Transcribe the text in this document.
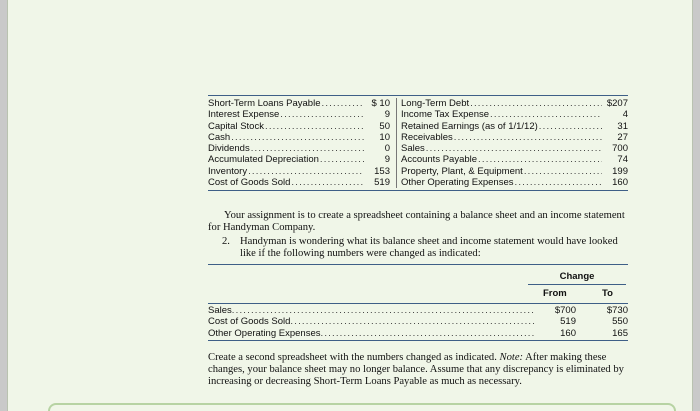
Short-Term Loans Payable .....	$ 10
Interest Expense .....	9
Capital Stock .....	50
Cash .....	10
Dividends .....	0
Accumulated Depreciation .....	9
Inventory .....	153
Cost of Goods Sold .....	519
Long-Term Debt .....	$207
Income Tax Expense .....	4
Retained Earnings (as of 1/1/12) .....	31
Receivables .....	27
Sales .....	700
Accounts Payable .....	74
Property, Plant, & Equipment .....	199
Other Operating Expenses .....	160

Your assignment is to create a spreadsheet containing a balance sheet and an income statement for Handyman Company.

2. Handyman is wondering what its balance sheet and income statement would have looked like if the following numbers were changed as indicated:

Change
From	To
Sales .....	$700	$730
Cost of Goods Sold .....	519	550
Other Operating Expenses .....	160	165

Create a second spreadsheet with the numbers changed as indicated. Note: After making these changes, your balance sheet may no longer balance. Assume that any discrepancy is eliminated by increasing or decreasing Short-Term Loans Payable as much as necessary.
